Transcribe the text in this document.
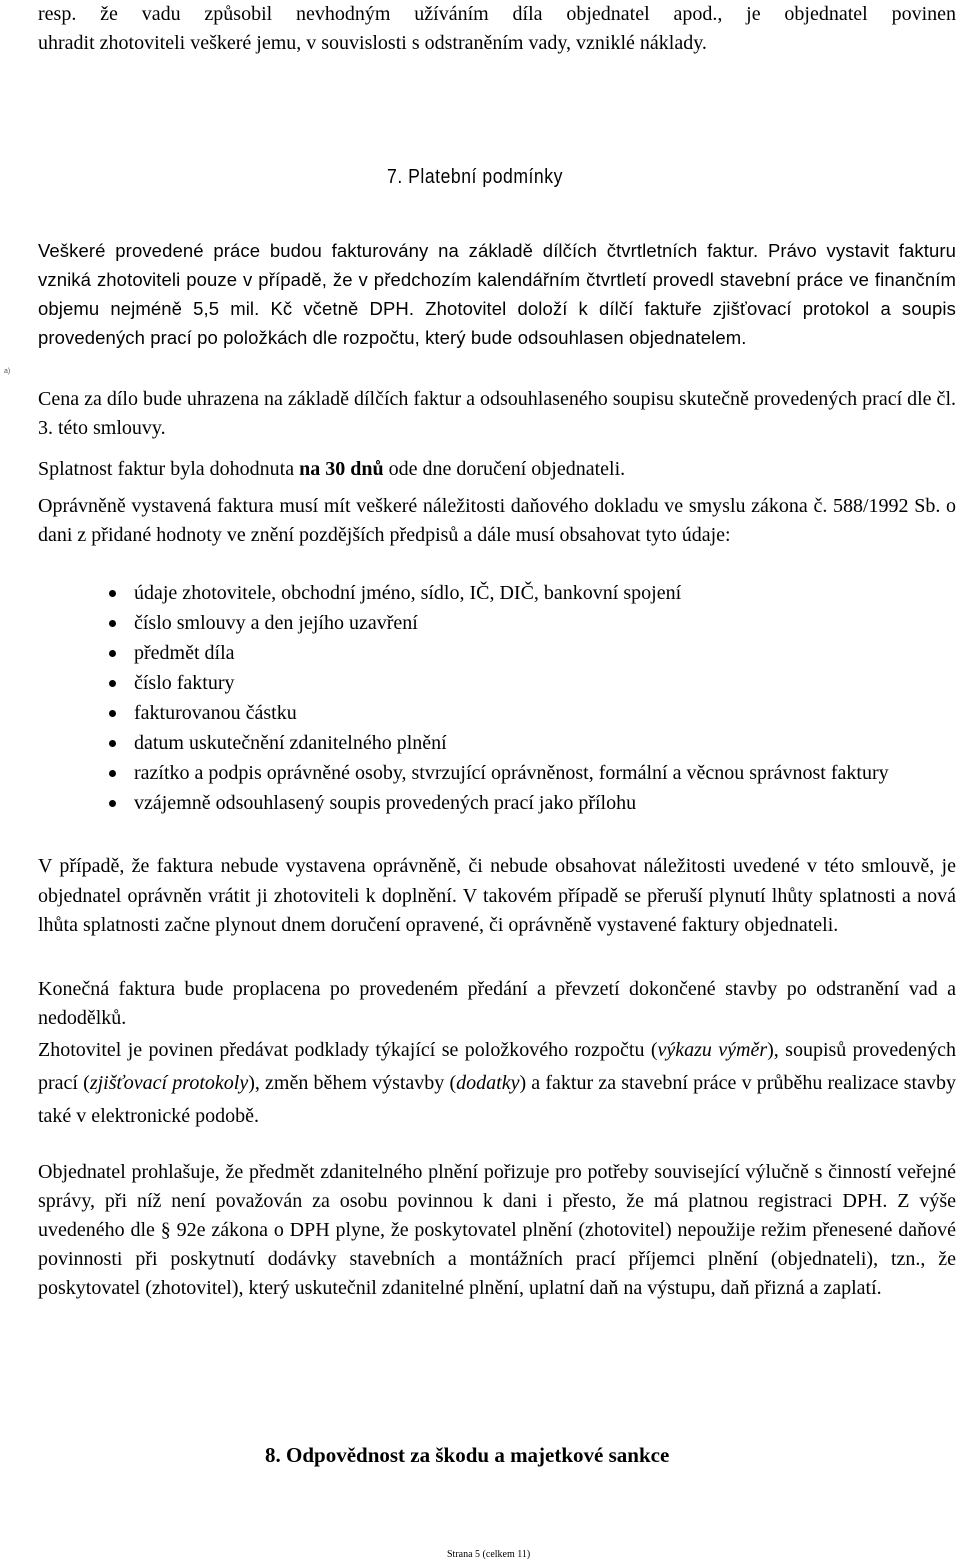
resp. že vadu způsobil nevhodným užíváním díla objednatel apod., je objednatel povinen

uhradit zhotoviteli veškeré jemu, v souvislosti s odstraněním vady, vzniklé náklady.

7. Platební podmínky

Veškeré provedené práce budou fakturovány na základě dílčích čtvrtletních faktur. Právo vystavit fakturu vzniká zhotoviteli pouze v případě, že v předchozím kalendářním čtvrtletí provedl stavební práce ve finančním objemu nejméně 5,5 mil. Kč včetně DPH. Zhotovitel doloží k dílčí faktuře zjišťovací protokol a soupis provedených prací po položkách dle rozpočtu, který bude odsouhlasen objednatelem.

Cena za dílo bude uhrazena na základě dílčích faktur a odsouhlaseného soupisu skutečně provedených prací dle čl. 3. této smlouvy.

Splatnost faktur byla dohodnuta na 30 dnů ode dne doručení objednateli.

Oprávněně vystavená faktura musí mít veškeré náležitosti daňového dokladu ve smyslu zákona č. 588/1992 Sb. o dani z přidané hodnoty ve znění pozdějších předpisů a dále musí obsahovat tyto údaje:

údaje zhotovitele, obchodní jméno, sídlo, IČ, DIČ, bankovní spojení
číslo smlouvy a den jejího uzavření
předmět díla
číslo faktury
fakturovanou částku
datum uskutečnění zdanitelného plnění
razítko a podpis oprávněné osoby, stvrzující oprávněnost, formální a věcnou správnost faktury
vzájemně odsouhlasený soupis provedených prací jako přílohu

V případě, že faktura nebude vystavena oprávněně, či nebude obsahovat náležitosti uvedené v této smlouvě, je objednatel oprávněn vrátit ji zhotoviteli k doplnění. V takovém případě se přeruší plynutí lhůty splatnosti a nová lhůta splatnosti začne plynout dnem doručení opravené, či oprávněně vystavené faktury objednateli.

Konečná faktura bude proplacena po provedeném předání a převzetí dokončené stavby po odstranění vad a nedodělků.

Zhotovitel je povinen předávat podklady týkající se položkového rozpočtu (výkazu výměr), soupisů provedených prací (zjišťovací protokoly), změn během výstavby (dodatky) a faktur za stavební práce v průběhu realizace stavby také v elektronické podobě.

Objednatel prohlašuje, že předmět zdanitelného plnění pořizuje pro potřeby související výlučně s činností veřejné správy, při níž není považován za osobu povinnou k dani i přesto, že má platnou registraci DPH. Z výše uvedeného dle § 92e zákona o DPH plyne, že poskytovatel plnění (zhotovitel) nepoužije režim přenesené daňové povinnosti při poskytnutí dodávky stavebních a montážních prací příjemci plnění (objednateli), tzn., že poskytovatel (zhotovitel), který uskutečnil zdanitelné plnění, uplatní daň na výstupu, daň přizná a zaplatí.

8. Odpovědnost za škodu a majetkové sankce
a)
Strana 5 (celkem 11)
